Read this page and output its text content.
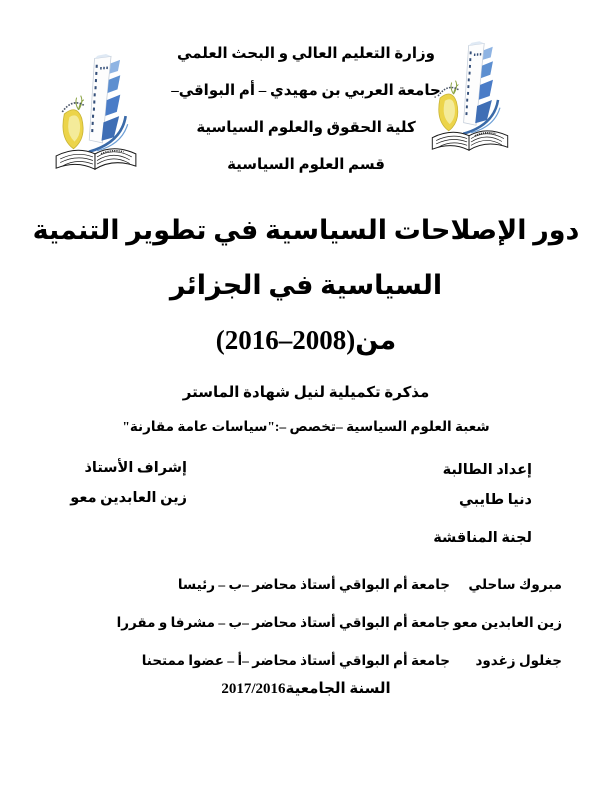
وزارة التعليم العالي و البحث العلمي
جامعة العربي بن مهيدي – أم البواقي–
كلية الحقوق والعلوم السياسية
قسم العلوم السياسية
دور الإصلاحات السياسية في تطوير التنمية
السياسية في الجزائر
من(2008–2016)
مذكرة تكميلية لنيل شهادة الماستر
شعبة العلوم السياسية –تخصص –:"سياسات عامة مقارنة"
إعداد الطالبة
دنيا طايبي
إشراف الأستاذ
زين العابدين معو
لجنة المناقشة
مبروك ساحلي
جامعة أم البواقي أستاذ محاضر –ب – رئيسا
زين العابدين معو
جامعة أم البواقي أستاذ محاضر –ب – مشرفا و مقررا
جغلول زغدود
جامعة أم البواقي أستاذ محاضر –أ – عضوا ممتحنا
السنة الجامعية2017/2016
